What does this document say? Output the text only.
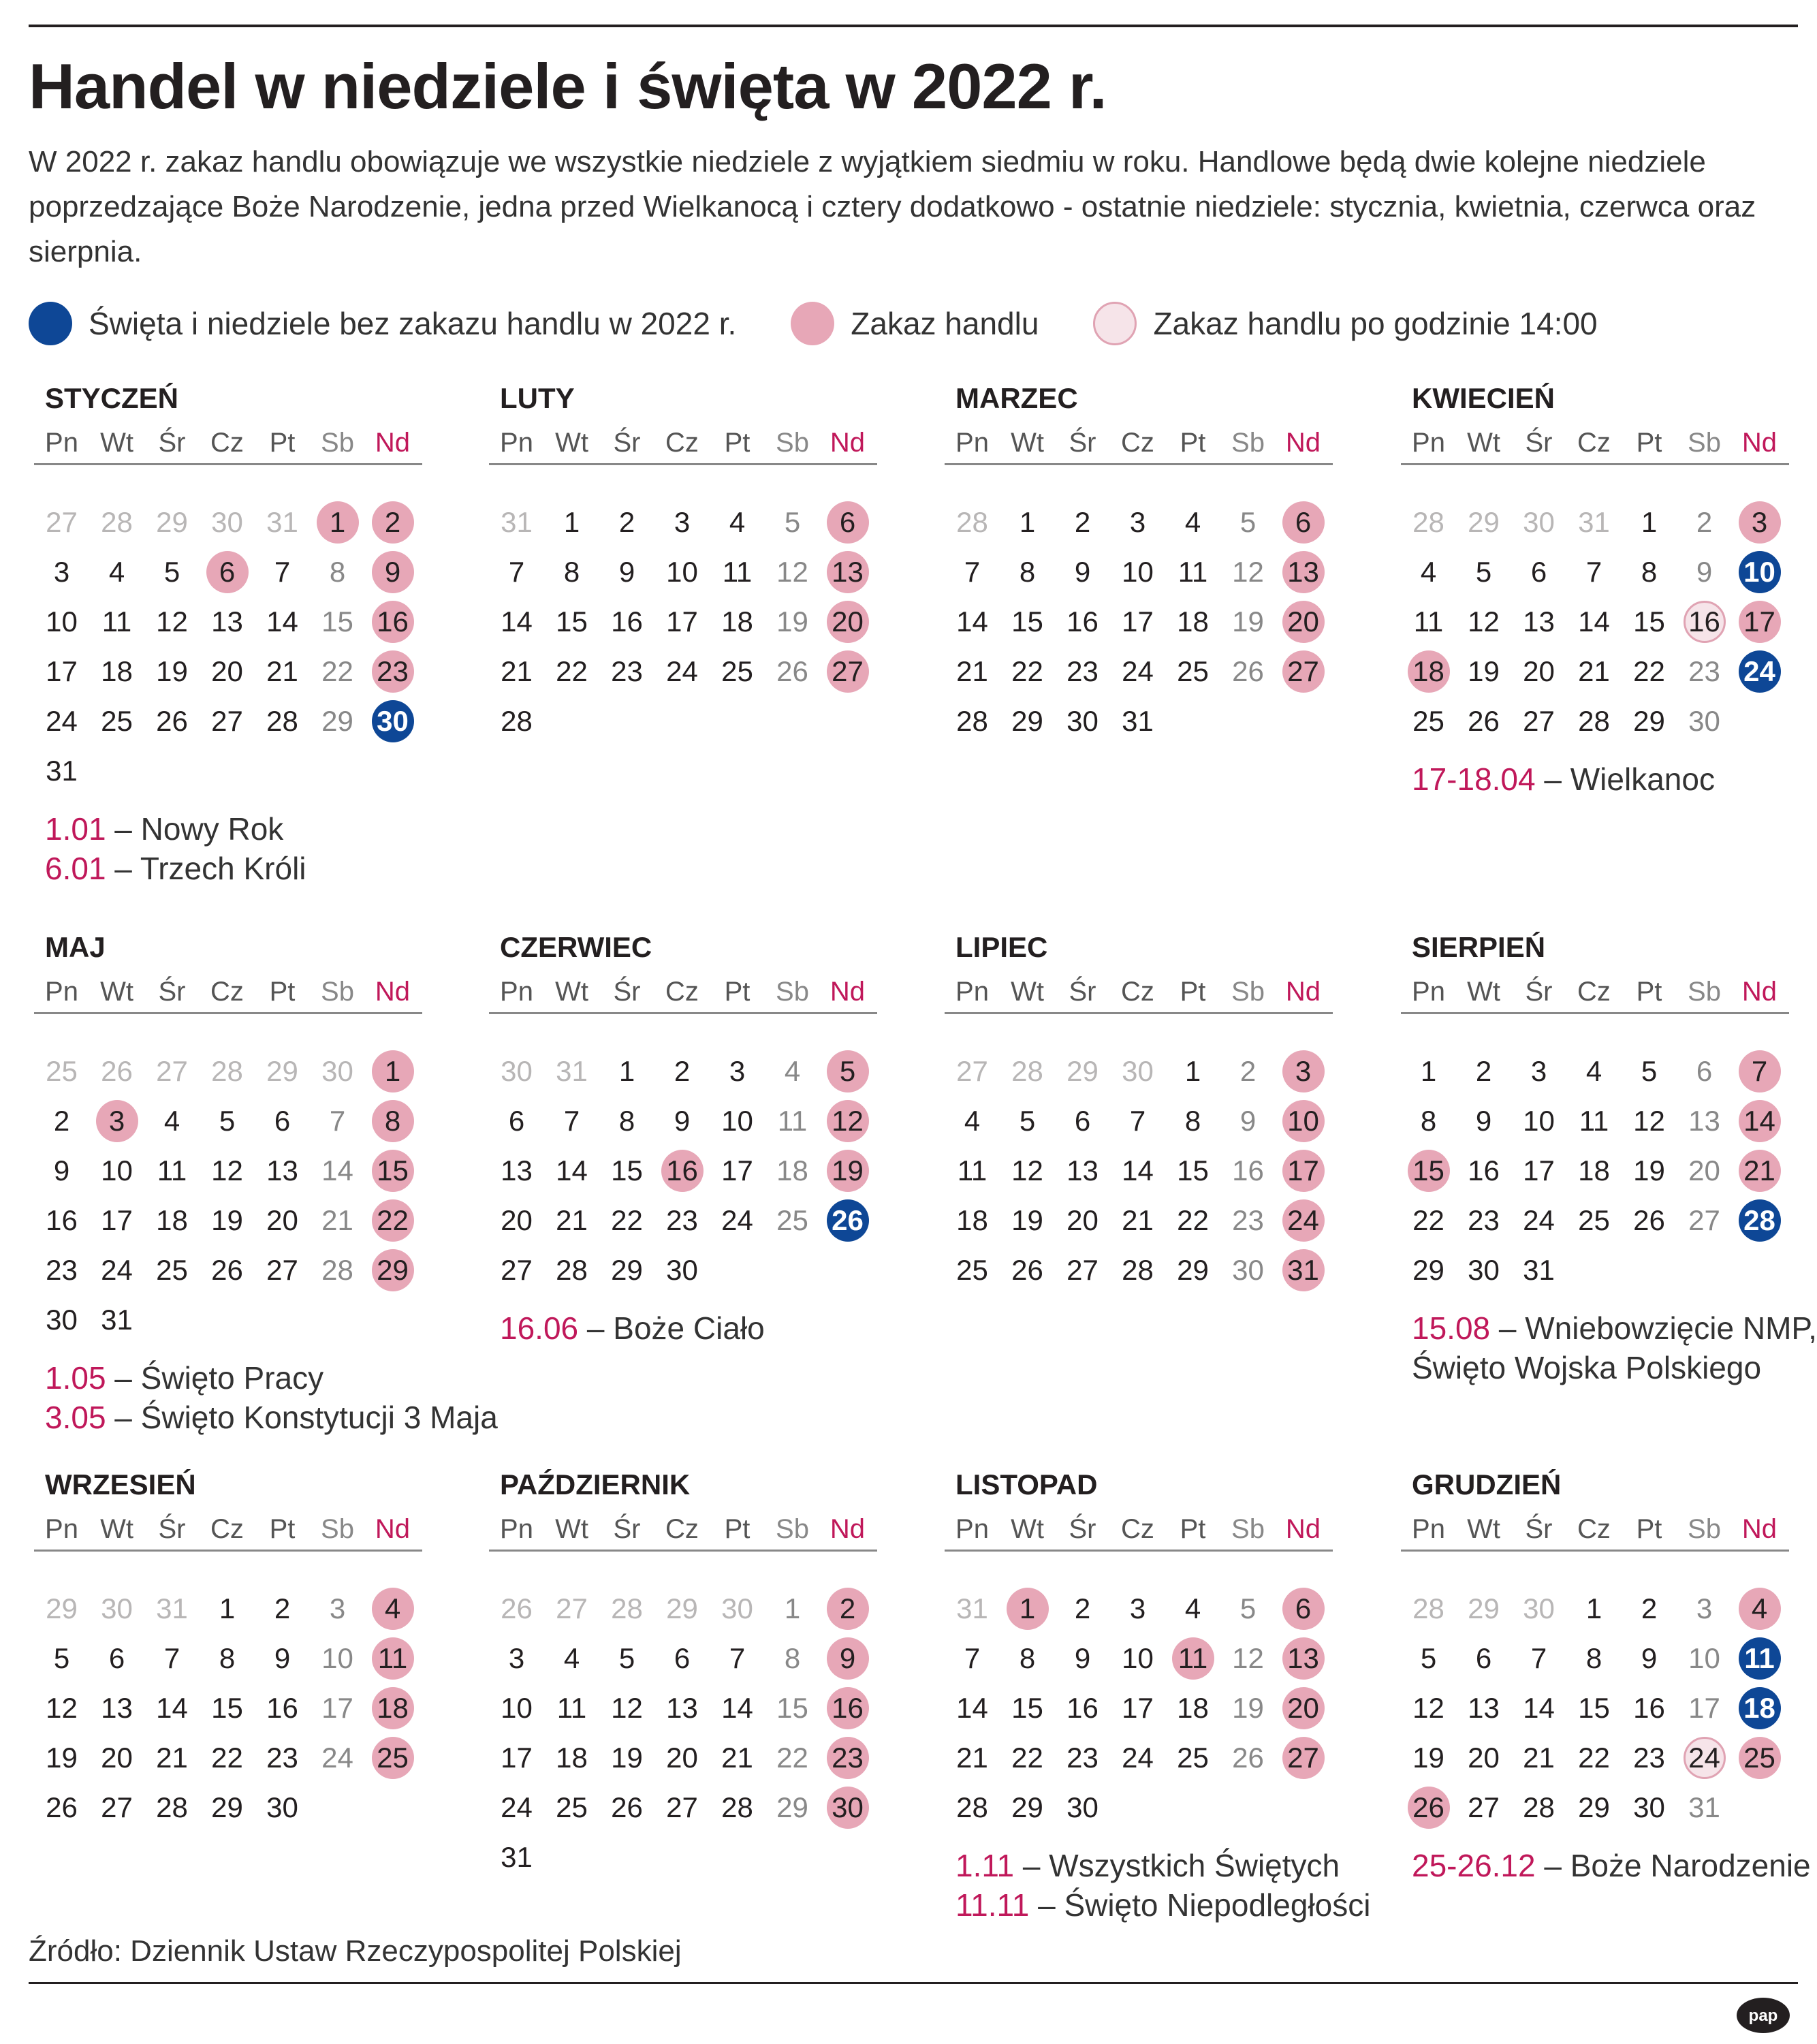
Handel w niedziele i święta w 2022 r.
W 2022 r. zakaz handlu obowiązuje we wszystkie niedziele z wyjątkiem siedmiu w roku. Handlowe będą dwie kolejne niedziele poprzedzające Boże Narodzenie, jedna przed Wielkanocą i cztery dodatkowo - ostatnie niedziele: stycznia, kwietnia, czerwca oraz sierpnia.
Święta i niedziele bez zakazu handlu w 2022 r.	Zakaz handlu	Zakaz handlu po godzinie 14:00
STYCZEŃ
Pn Wt Śr Cz Pt Sb Nd
27 28 29 30 31	1	2
3	4	5	6	7	8	9
10 11 12 13 14 15 16
17 18 19 20 21 22 23
24 25 26 27 28 29 30
31
1.01 – Nowy Rok
6.01 – Trzech Króli
LUTY
Pn Wt Śr Cz Pt Sb Nd
31	1	2	3	4	5	6
7	8	9	10 11 12 13
14 15 16 17 18 19 20
21 22 23 24 25 26 27
28
MARZEC
Pn Wt Śr Cz Pt Sb Nd
28	1	2	3	4	5	6
7	8	9	10 11 12 13
14 15 16 17 18 19 20
21 22 23 24 25 26 27
28 29 30 31
KWIECIEŃ
Pn Wt Śr Cz Pt Sb Nd
28 29 30 31	1	2	3
4	5	6	7	8	9	10
11 12 13 14 15 16 17
18 19 20 21 22 23 24
25 26 27 28 29 30
17-18.04 – Wielkanoc
MAJ
Pn Wt Śr Cz Pt Sb Nd
25 26 27 28 29 30	1
2	3	4	5	6	7	8
9	10 11 12 13 14 15
16 17 18 19 20 21 22
23 24 25 26 27 28 29
30 31
1.05 – Święto Pracy
3.05 – Święto Konstytucji 3 Maja
CZERWIEC
Pn Wt Śr Cz Pt Sb Nd
30 31	1	2	3	4	5
6	7	8	9	10 11 12
13 14 15 16 17 18 19
20 21 22 23 24 25 26
27 28 29 30
16.06 – Boże Ciało
LIPIEC
Pn Wt Śr Cz Pt Sb Nd
27 28 29 30	1	2	3
4	5	6	7	8	9	10
11 12 13 14 15 16 17
18 19 20 21 22 23 24
25 26 27 28 29 30 31
SIERPIEŃ
Pn Wt Śr Cz Pt Sb Nd
1	2	3	4	5	6	7
8	9	10 11 12 13 14
15 16 17 18 19 20 21
22 23 24 25 26 27 28
29 30 31
15.08 – Wniebowzięcie NMP,
Święto Wojska Polskiego
WRZESIEŃ
Pn Wt Śr Cz Pt Sb Nd
29 30 31	1	2	3	4
5	6	7	8	9	10 11
12 13 14 15 16 17 18
19 20 21 22 23 24 25
26 27 28 29 30
PAŹDZIERNIK
Pn Wt Śr Cz Pt Sb Nd
26 27 28 29 30	1	2
3	4	5	6	7	8	9
10 11 12 13 14 15 16
17 18 19 20 21 22 23
24 25 26 27 28 29 30
31
LISTOPAD
Pn Wt Śr Cz Pt Sb Nd
31	1	2	3	4	5	6
7	8	9	10 11 12 13
14 15 16 17 18 19 20
21 22 23 24 25 26 27
28 29 30
1.11 – Wszystkich Świętych
11.11 – Święto Niepodległości
GRUDZIEŃ
Pn Wt Śr Cz Pt Sb Nd
28 29 30	1	2	3	4
5	6	7	8	9	10 11
12 13 14 15 16 17 18
19 20 21 22 23 24 25
26 27 28 29 30 31
25-26.12 – Boże Narodzenie
Źródło: Dziennik Ustaw Rzeczypospolitej Polskiej
pap
